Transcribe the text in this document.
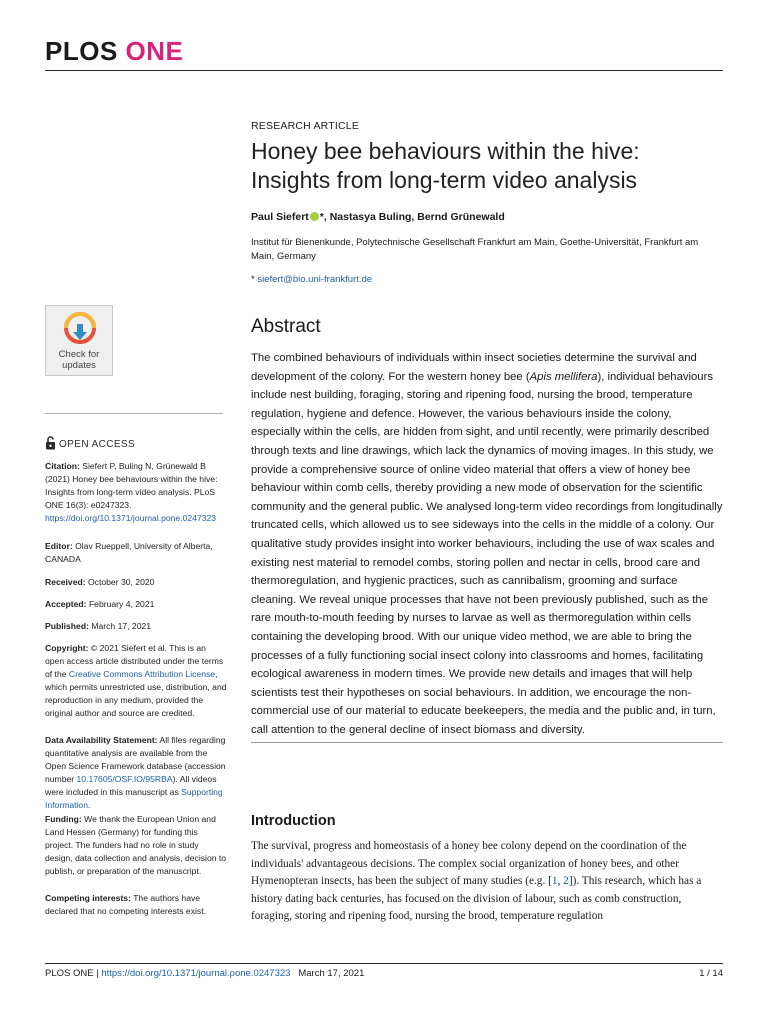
PLOS ONE
RESEARCH ARTICLE
Honey bee behaviours within the hive: Insights from long-term video analysis
Paul Siefert *, Nastasya Buling, Bernd Grünewald
Institut für Bienenkunde, Polytechnische Gesellschaft Frankfurt am Main, Goethe-Universität, Frankfurt am Main, Germany
* siefert@bio.uni-frankfurt.de
Check for updates
OPEN ACCESS
Citation: Siefert P, Buling N, Grünewald B (2021) Honey bee behaviours within the hive: Insights from long-term video analysis. PLoS ONE 16(3): e0247323. https://doi.org/10.1371/journal.pone.0247323
Editor: Olav Rueppell, University of Alberta, CANADA
Received: October 30, 2020
Accepted: February 4, 2021
Published: March 17, 2021
Copyright: © 2021 Siefert et al. This is an open access article distributed under the terms of the Creative Commons Attribution License, which permits unrestricted use, distribution, and reproduction in any medium, provided the original author and source are credited.
Data Availability Statement: All files regarding quantitative analysis are available from the Open Science Framework database (accession number 10.17605/OSF.IO/95RBA). All videos were included in this manuscript as Supporting Information.
Funding: We thank the European Union and Land Hessen (Germany) for funding this project. The funders had no role in study design, data collection and analysis, decision to publish, or preparation of the manuscript.
Competing interests: The authors have declared that no competing interests exist.
Abstract

The combined behaviours of individuals within insect societies determine the survival and development of the colony. For the western honey bee (Apis mellifera), individual behaviours include nest building, foraging, storing and ripening food, nursing the brood, temperature regulation, hygiene and defence. However, the various behaviours inside the colony, especially within the cells, are hidden from sight, and until recently, were primarily described through texts and line drawings, which lack the dynamics of moving images. In this study, we provide a comprehensive source of online video material that offers a view of honey bee behaviour within comb cells, thereby providing a new mode of observation for the scientific community and the general public. We analysed long-term video recordings from longitudinally truncated cells, which allowed us to see sideways into the cells in the middle of a colony. Our qualitative study provides insight into worker behaviours, including the use of wax scales and existing nest material to remodel combs, storing pollen and nectar in cells, brood care and thermoregulation, and hygienic practices, such as cannibalism, grooming and surface cleaning. We reveal unique processes that have not been previously published, such as the rare mouth-to-mouth feeding by nurses to larvae as well as thermoregulation within cells containing the developing brood. With our unique video method, we are able to bring the processes of a fully functioning social insect colony into classrooms and homes, facilitating ecological awareness in modern times. We provide new details and images that will help scientists test their hypotheses on social behaviours. In addition, we encourage the non-commercial use of our material to educate beekeepers, the media and the public and, in turn, call attention to the general decline of insect biomass and diversity.

Introduction

The survival, progress and homeostasis of a honey bee colony depend on the coordination of the individuals' advantageous decisions. The complex social organization of honey bees, and other Hymenopteran insects, has been the subject of many studies (e.g. [1, 2]). This research, which has a history dating back centuries, has focused on the division of labour, such as comb construction, foraging, storing and ripening food, nursing the brood, temperature regulation

PLOS ONE | https://doi.org/10.1371/journal.pone.0247323 March 17, 2021	1 / 14
